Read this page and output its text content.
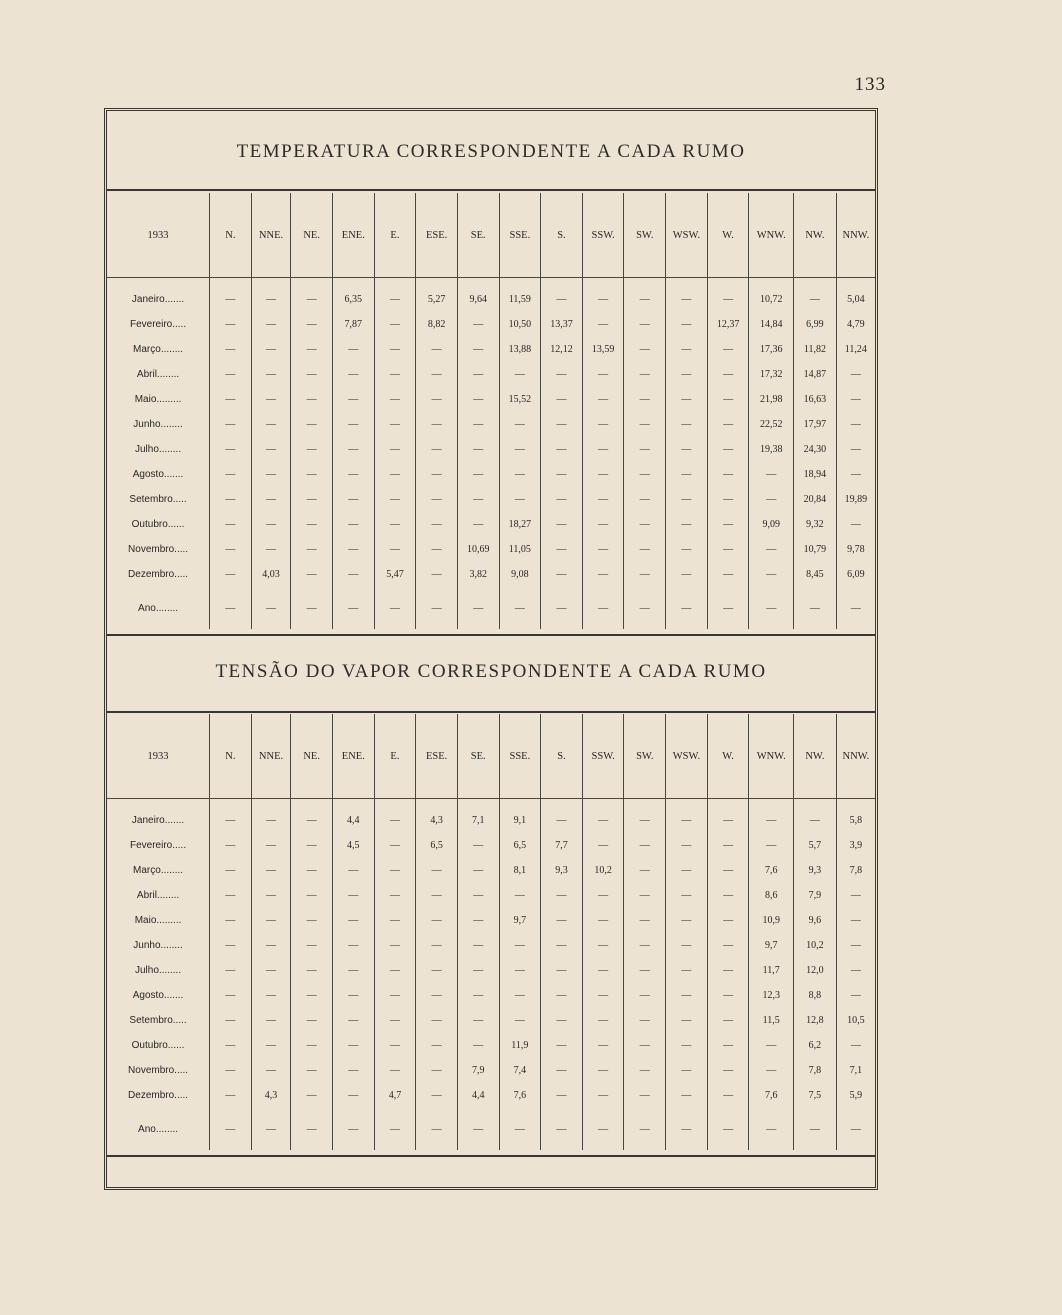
133
TEMPERATURA CORRESPONDENTE A CADA RUMO
1933	N.	NNE.	NE.	ENE.	E.	ESE.	SE.	SSE.	S.	SSW.	SW.	WSW.	W.	WNW.	NW.	NNW.

Janeiro.......	—	—	—	6,35	—	5,27	9,64	11,59	—	—	—	—	—	10,72	—	5,04
Fevereiro.....	—	—	—	7,87	—	8,82	—	10,50	13,37	—	—	—	12,37	14,84	6,99	4,79
Março........	—	—	—	—	—	—	—	13,88	12,12	13,59	—	—	—	17,36	11,82	11,24
Abril........	—	—	—	—	—	—	—	—	—	—	—	—	—	17,32	14,87	—
Maio.........	—	—	—	—	—	—	—	15,52	—	—	—	—	—	21,98	16,63	—
Junho........	—	—	—	—	—	—	—	—	—	—	—	—	—	22,52	17,97	—
Julho........	—	—	—	—	—	—	—	—	—	—	—	—	—	19,38	24,30	—
Agosto.......	—	—	—	—	—	—	—	—	—	—	—	—	—	—	18,94	—
Setembro.....	—	—	—	—	—	—	—	—	—	—	—	—	—	—	20,84	19,89
Outubro......	—	—	—	—	—	—	—	18,27	—	—	—	—	—	9,09	9,32	—
Novembro.....	—	—	—	—	—	—	10,69	11,05	—	—	—	—	—	—	10,79	9,78
Dezembro.....	—	4,03	—	—	5,47	—	3,82	9,08	—	—	—	—	—	—	8,45	6,09

Ano........	—	—	—	—	—	—	—	—	—	—	—	—	—	—	—	—

TENSÃO DO VAPOR CORRESPONDENTE A CADA RUMO
1933	N.	NNE.	NE.	ENE.	E.	ESE.	SE.	SSE.	S.	SSW.	SW.	WSW.	W.	WNW.	NW.	NNW.

Janeiro.......	—	—	—	4,4	—	4,3	7,1	9,1	—	—	—	—	—	—	—	5,8
Fevereiro.....	—	—	—	4,5	—	6,5	—	6,5	7,7	—	—	—	—	—	5,7	3,9
Março........	—	—	—	—	—	—	—	8,1	9,3	10,2	—	—	—	7,6	9,3	7,8
Abril........	—	—	—	—	—	—	—	—	—	—	—	—	—	8,6	7,9	—
Maio.........	—	—	—	—	—	—	—	9,7	—	—	—	—	—	10,9	9,6	—
Junho........	—	—	—	—	—	—	—	—	—	—	—	—	—	9,7	10,2	—
Julho........	—	—	—	—	—	—	—	—	—	—	—	—	—	11,7	12,0	—
Agosto.......	—	—	—	—	—	—	—	—	—	—	—	—	—	12,3	8,8	—
Setembro.....	—	—	—	—	—	—	—	—	—	—	—	—	—	11,5	12,8	10,5
Outubro......	—	—	—	—	—	—	—	11,9	—	—	—	—	—	—	6,2	—
Novembro.....	—	—	—	—	—	—	7,9	7,4	—	—	—	—	—	—	7,8	7,1
Dezembro.....	—	4,3	—	—	4,7	—	4,4	7,6	—	—	—	—	—	7,6	7,5	5,9

Ano........	—	—	—	—	—	—	—	—	—	—	—	—	—	—	—	—
